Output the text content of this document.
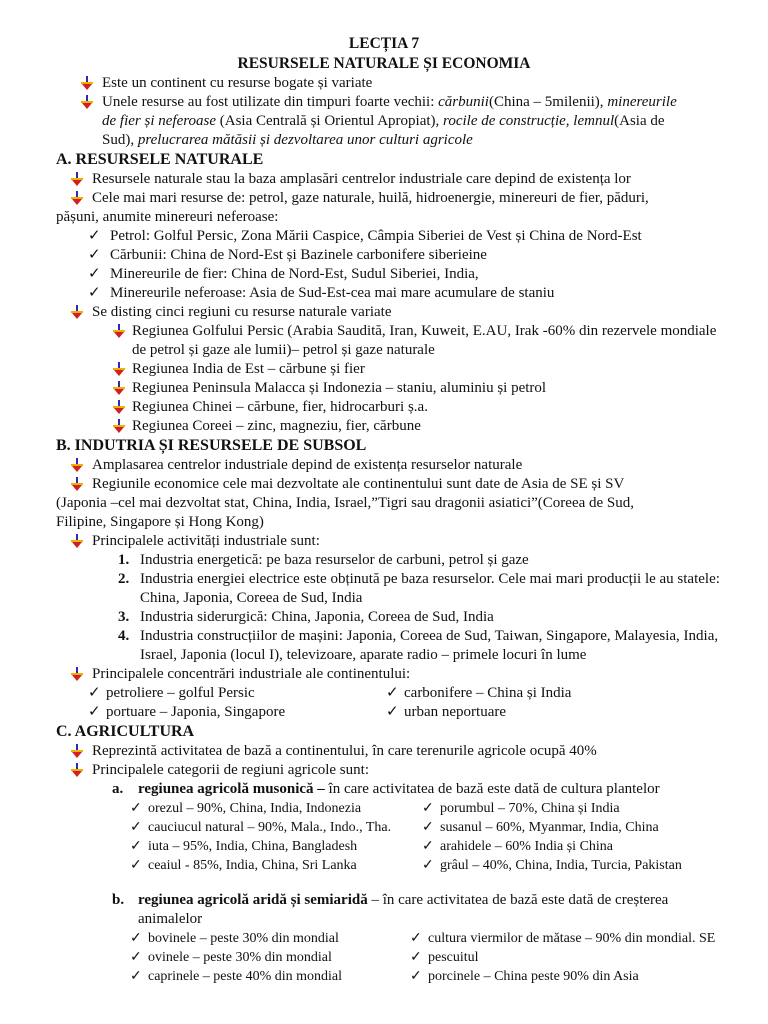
LECȚIA 7
RESURSELE NATURALE ȘI ECONOMIA
Este un continent cu resurse bogate și variate
Unele resurse au fost utilizate din timpuri foarte vechii: cărbunii(China – 5milenii), minereurile
de fier și neferoase (Asia Centrală și Orientul Apropiat), rocile de construcție, lemnul(Asia de
Sud), prelucrarea mătăsii și dezvoltarea unor culturi agricole
A. RESURSELE NATURALE
Resursele naturale stau la baza amplasări centrelor industriale care depind de existența lor
Cele mai mari resurse de: petrol, gaze naturale, huilă, hidroenergie, minereuri de fier, păduri,
pășuni, anumite minereuri neferoase:
✓ Petrol: Golful Persic, Zona Mării Caspice, Câmpia Siberiei de Vest și China de Nord-Est
✓ Cărbunii: China de Nord-Est și Bazinele carbonifere siberieine
✓ Minereurile de fier: China de Nord-Est, Sudul Siberiei, India,
✓ Minereurile neferoase: Asia de Sud-Est-cea mai mare acumulare de staniu
Se disting cinci regiuni cu resurse naturale variate
Regiunea Golfului Persic (Arabia Saudită, Iran, Kuweit, E.AU, Irak -60% din rezervele mondiale
de petrol și gaze ale lumii)– petrol și gaze naturale
Regiunea India de Est – cărbune și fier
Regiunea Peninsula Malacca și Indonezia – staniu, aluminiu și petrol
Regiunea Chinei – cărbune, fier, hidrocarburi ș.a.
Regiunea Coreei – zinc, magneziu, fier, cărbune
B. INDUTRIA ȘI RESURSELE DE SUBSOL
Amplasarea centrelor industriale depind de existența resurselor naturale
Regiunile economice cele mai dezvoltate ale continentului sunt date de Asia de SE și SV
(Japonia –cel mai dezvoltat stat, China, India, Israel,”Tigri sau dragonii asiatici”(Coreea de Sud,
Filipine, Singapore și Hong Kong)
Principalele activități industriale sunt:
1. Industria energetică: pe baza resurselor de carbuni, petrol și gaze
2. Industria energiei electrice este obținută pe baza resurselor. Cele mai mari producții le au statele:
China, Japonia, Coreea de Sud, India
3. Industria siderurgică: China, Japonia, Coreea de Sud, India
4. Industria construcțiilor de mașini: Japonia, Coreea de Sud, Taiwan, Singapore, Malayesia, India,
Israel, Japonia (locul I), televizoare, aparate radio – primele locuri în lume
Principalele concentrări industriale ale continentului:
✓ petroliere – golful Persic	✓ carbonifere – China și India
✓ portuare – Japonia, Singapore	✓ urban neportuare
C. AGRICULTURA
Reprezintă activitatea de bază a continentului, în care terenurile agricole ocupă 40%
Principalele categorii de regiuni agricole sunt:
a. regiunea agricolă musonică – în care activitatea de bază este dată de cultura plantelor
✓ orezul – 90%, China, India, Indonezia	✓ porumbul – 70%, China și India
✓ cauciucul natural – 90%, Mala., Indo., Tha. ✓ susanul – 60%, Myanmar, India, China
✓ iuta – 95%, India, China, Bangladesh	✓ arahidele – 60% India și China
✓ ceaiul - 85%, India, China, Sri Lanka	✓ grâul – 40%, China, India, Turcia, Pakistan
b. regiunea agricolă aridă și semiaridă – în care activitatea de bază este dată de creșterea
animalelor
✓ bovinele – peste 30% din mondial	✓ cultura viermilor de mătase – 90% din mondial. SE
✓ ovinele – peste 30% din mondial	✓ pescuitul
✓ caprinele – peste 40% din mondial	✓ porcinele – China peste 90% din Asia
